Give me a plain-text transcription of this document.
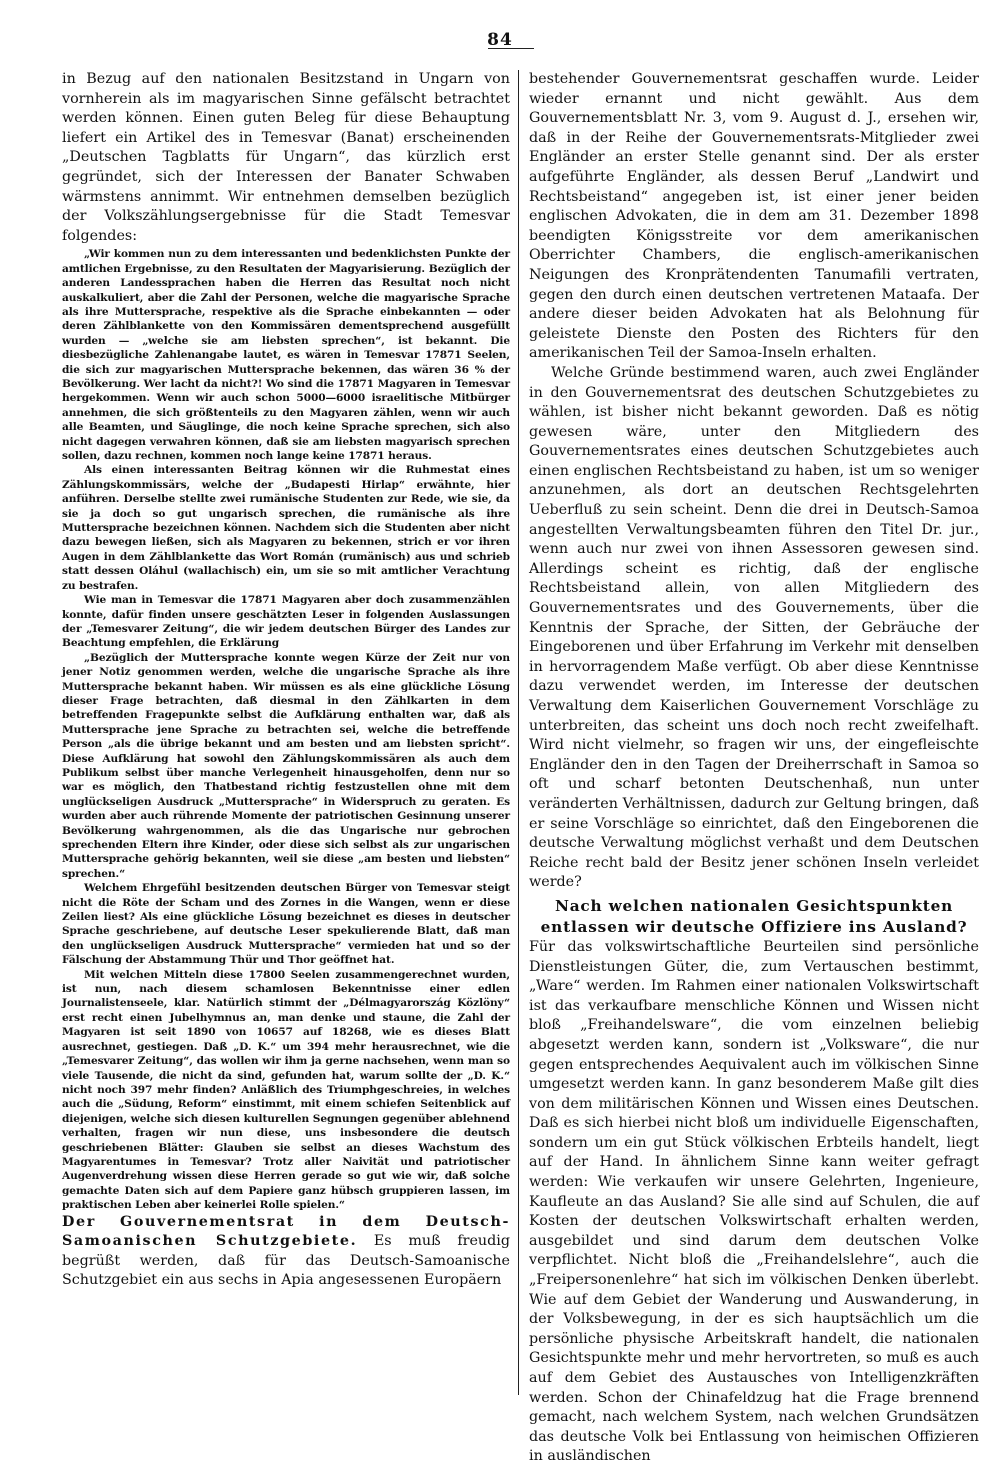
84

in Bezug auf den nationalen Besitzstand in Ungarn von vornherein als im magyarischen Sinne gefälscht betrachtet werden können. Einen guten Beleg für diese Behauptung liefert ein Artikel des in Temesvar (Banat) erscheinenden „Deutschen Tagblatts für Ungarn“, das kürzlich erst gegründet, sich der Interessen der Banater Schwaben wärmstens annimmt. Wir entnehmen demselben bezüglich der Volkszählungsergebnisse für die Stadt Temesvar folgendes:

„Wir kommen nun zu dem interessanten und bedenklichsten Punkte der amtlichen Ergebnisse, zu den Resultaten der Magyarisierung. Bezüglich der anderen Landessprachen haben die Herren das Resultat noch nicht auskalkuliert, aber die Zahl der Personen, welche die magyarische Sprache als ihre Muttersprache, respektive als die Sprache einbekannten — oder deren Zählblankette von den Kommissären dementsprechend ausgefüllt wurden — „welche sie am liebsten sprechen“, ist bekannt. Die diesbezügliche Zahlenangabe lautet, es wären in Temesvar 17871 Seelen, die sich zur magyarischen Muttersprache bekennen, das wären 36 % der Bevölkerung. Wer lacht da nicht?! Wo sind die 17871 Magyaren in Temesvar hergekommen. Wenn wir auch schon 5000—6000 israelitische Mitbürger annehmen, die sich größtenteils zu den Magyaren zählen, wenn wir auch alle Beamten, und Säuglinge, die noch keine Sprache sprechen, sich also nicht dagegen verwahren können, daß sie am liebsten magyarisch sprechen sollen, dazu rechnen, kommen noch lange keine 17871 heraus.

Als einen interessanten Beitrag können wir die Ruhmestat eines Zählungskommissärs, welche der „Budapesti Hirlap“ erwähnte, hier anführen. Derselbe stellte zwei rumänische Studenten zur Rede, wie sie, da sie ja doch so gut ungarisch sprechen, die rumänische als ihre Muttersprache bezeichnen können. Nachdem sich die Studenten aber nicht dazu bewegen ließen, sich als Magyaren zu bekennen, strich er vor ihren Augen in dem Zählblankette das Wort Román (rumänisch) aus und schrieb statt dessen Oláhul (wallachisch) ein, um sie so mit amtlicher Verachtung zu bestrafen.

Wie man in Temesvar die 17871 Magyaren aber doch zusammenzählen konnte, dafür finden unsere geschätzten Leser in folgenden Auslassungen der „Temesvarer Zeitung“, die wir jedem deutschen Bürger des Landes zur Beachtung empfehlen, die Erklärung

„Bezüglich der Muttersprache konnte wegen Kürze der Zeit nur von jener Notiz genommen werden, welche die ungarische Sprache als ihre Muttersprache bekannt haben. Wir müssen es als eine glückliche Lösung dieser Frage betrachten, daß diesmal in den Zählkarten in dem betreffenden Fragepunkte selbst die Aufklärung enthalten war, daß als Muttersprache jene Sprache zu betrachten sei, welche die betreffende Person „als die übrige bekannt und am besten und am liebsten spricht“. Diese Aufklärung hat sowohl den Zählungskommissären als auch dem Publikum selbst über manche Verlegenheit hinausgeholfen, denn nur so war es möglich, den Thatbestand richtig festzustellen ohne mit dem unglückseligen Ausdruck „Muttersprache“ in Widerspruch zu geraten. Es wurden aber auch rührende Momente der patriotischen Gesinnung unserer Bevölkerung wahrgenommen, als die das Ungarische nur gebrochen sprechenden Eltern ihre Kinder, oder diese sich selbst als zur ungarischen Muttersprache gehörig bekannten, weil sie diese „am besten und liebsten“ sprechen.“

Welchem Ehrgefühl besitzenden deutschen Bürger von Temesvar steigt nicht die Röte der Scham und des Zornes in die Wangen, wenn er diese Zeilen liest? Als eine glückliche Lösung bezeichnet es dieses in deutscher Sprache geschriebene, auf deutsche Leser spekulierende Blatt, daß man den unglückseligen Ausdruck Muttersprache“ vermieden hat und so der Fälschung der Abstammung Thür und Thor geöffnet hat.

Mit welchen Mitteln diese 17800 Seelen zusammengerechnet wurden, ist nun, nach diesem schamlosen Bekenntnisse einer edlen Journalistenseele, klar. Natürlich stimmt der „Délmagyarország Közlöny“ erst recht einen Jubelhymnus an, man denke und staune, die Zahl der Magyaren ist seit 1890 von 10657 auf 18268, wie es dieses Blatt ausrechnet, gestiegen. Daß „D. K.“ um 394 mehr herausrechnet, wie die „Temesvarer Zeitung“, das wollen wir ihm ja gerne nachsehen, wenn man so viele Tausende, die nicht da sind, gefunden hat, warum sollte der „D. K.“ nicht noch 397 mehr finden? Anläßlich des Triumphgeschreies, in welches auch die „Südung, Reform“ einstimmt, mit einem schiefen Seitenblick auf diejenigen, welche sich diesen kulturellen Segnungen gegenüber ablehnend verhalten, fragen wir nun diese, uns insbesondere die deutsch geschriebenen Blätter: Glauben sie selbst an dieses Wachstum des Magyarentumes in Temesvar? Trotz aller Naivität und patriotischer Augenverdrehung wissen diese Herren gerade so gut wie wir, daß solche gemachte Daten sich auf dem Papiere ganz hübsch gruppieren lassen, im praktischen Leben aber keinerlei Rolle spielen.“

Der Gouvernementsrat in dem Deutsch-Samoanischen Schutzgebiete. Es muß freudig begrüßt werden, daß für das Deutsch-Samoanische Schutzgebiet ein aus sechs in Apia angesessenen Europäern

bestehender Gouvernementsrat geschaffen wurde. Leider wieder ernannt und nicht gewählt. Aus dem Gouvernementsblatt Nr. 3, vom 9. August d. J., ersehen wir, daß in der Reihe der Gouvernementsrats-Mitglieder zwei Engländer an erster Stelle genannt sind. Der als erster aufgeführte Engländer, als dessen Beruf „Landwirt und Rechtsbeistand“ angegeben ist, ist einer jener beiden englischen Advokaten, die in dem am 31. Dezember 1898 beendigten Königsstreite vor dem amerikanischen Oberrichter Chambers, die englisch-amerikanischen Neigungen des Kronprätendenten Tanumafili vertraten, gegen den durch einen deutschen vertretenen Mataafa. Der andere dieser beiden Advokaten hat als Belohnung für geleistete Dienste den Posten des Richters für den amerikanischen Teil der Samoa-Inseln erhalten.

Welche Gründe bestimmend waren, auch zwei Engländer in den Gouvernementsrat des deutschen Schutzgebietes zu wählen, ist bisher nicht bekannt geworden. Daß es nötig gewesen wäre, unter den Mitgliedern des Gouvernementsrates eines deutschen Schutzgebietes auch einen englischen Rechtsbeistand zu haben, ist um so weniger anzunehmen, als dort an deutschen Rechtsgelehrten Ueberfluß zu sein scheint. Denn die drei in Deutsch-Samoa angestellten Verwaltungsbeamten führen den Titel Dr. jur., wenn auch nur zwei von ihnen Assessoren gewesen sind. Allerdings scheint es richtig, daß der englische Rechtsbeistand allein, von allen Mitgliedern des Gouvernementsrates und des Gouvernements, über die Kenntnis der Sprache, der Sitten, der Gebräuche der Eingeborenen und über Erfahrung im Verkehr mit denselben in hervorragendem Maße verfügt. Ob aber diese Kenntnisse dazu verwendet werden, im Interesse der deutschen Verwaltung dem Kaiserlichen Gouvernement Vorschläge zu unterbreiten, das scheint uns doch noch recht zweifelhaft. Wird nicht vielmehr, so fragen wir uns, der eingefleischte Engländer den in den Tagen der Dreiherrschaft in Samoa so oft und scharf betonten Deutschenhaß, nun unter veränderten Verhältnissen, dadurch zur Geltung bringen, daß er seine Vorschläge so einrichtet, daß den Eingeborenen die deutsche Verwaltung möglichst verhaßt und dem Deutschen Reiche recht bald der Besitz jener schönen Inseln verleidet werde?

Nach welchen nationalen Gesichtspunkten entlassen wir deutsche Offiziere ins Ausland?

Für das volkswirtschaftliche Beurteilen sind persönliche Dienstleistungen Güter, die, zum Vertauschen bestimmt, „Ware“ werden. Im Rahmen einer nationalen Volkswirtschaft ist das verkaufbare menschliche Können und Wissen nicht bloß „Freihandelsware“, die vom einzelnen beliebig abgesetzt werden kann, sondern ist „Volksware“, die nur gegen entsprechendes Aequivalent auch im völkischen Sinne umgesetzt werden kann. In ganz besonderem Maße gilt dies von dem militärischen Können und Wissen eines Deutschen. Daß es sich hierbei nicht bloß um individuelle Eigenschaften, sondern um ein gut Stück völkischen Erbteils handelt, liegt auf der Hand. In ähnlichem Sinne kann weiter gefragt werden: Wie verkaufen wir unsere Gelehrten, Ingenieure, Kaufleute an das Ausland? Sie alle sind auf Schulen, die auf Kosten der deutschen Volkswirtschaft erhalten werden, ausgebildet und sind darum dem deutschen Volke verpflichtet. Nicht bloß die „Freihandelslehre“, auch die „Freipersonenlehre“ hat sich im völkischen Denken überlebt. Wie auf dem Gebiet der Wanderung und Auswanderung, in der Volksbewegung, in der es sich hauptsächlich um die persönliche physische Arbeitskraft handelt, die nationalen Gesichtspunkte mehr und mehr hervortreten, so muß es auch auf dem Gebiet des Austausches von Intelligenzkräften werden. Schon der Chinafeldzug hat die Frage brennend gemacht, nach welchem System, nach welchen Grundsätzen das deutsche Volk bei Entlassung von heimischen Offizieren in ausländischen
